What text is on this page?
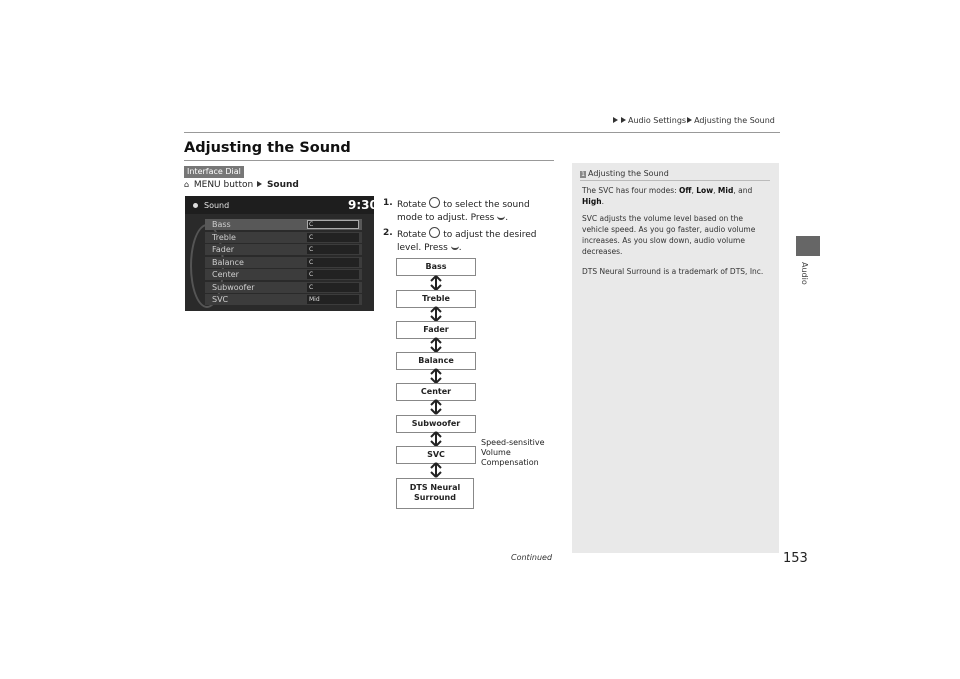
Audio Settings Adjusting the Sound
Audio
Adjusting the Sound
Interface Dial
⌂ MENU button Sound
Sound	9:30
Bass	C
Treble	C
Fader	C
Balance	C
Center	C
Subwoofer	C
SVC	Mid
1. Rotate to select the sound mode to adjust. Press .
2. Rotate to adjust the desired level. Press .
Bass
Treble
Fader
Balance
Center
Subwoofer
SVC
DTS Neural Surround
Speed-sensitive Volume Compensation
Continued
1 Adjusting the Sound
The SVC has four modes: Off, Low, Mid, and High.
SVC adjusts the volume level based on the vehicle speed. As you go faster, audio volume increases. As you slow down, audio volume decreases.
DTS Neural Surround is a trademark of DTS, Inc.
153
